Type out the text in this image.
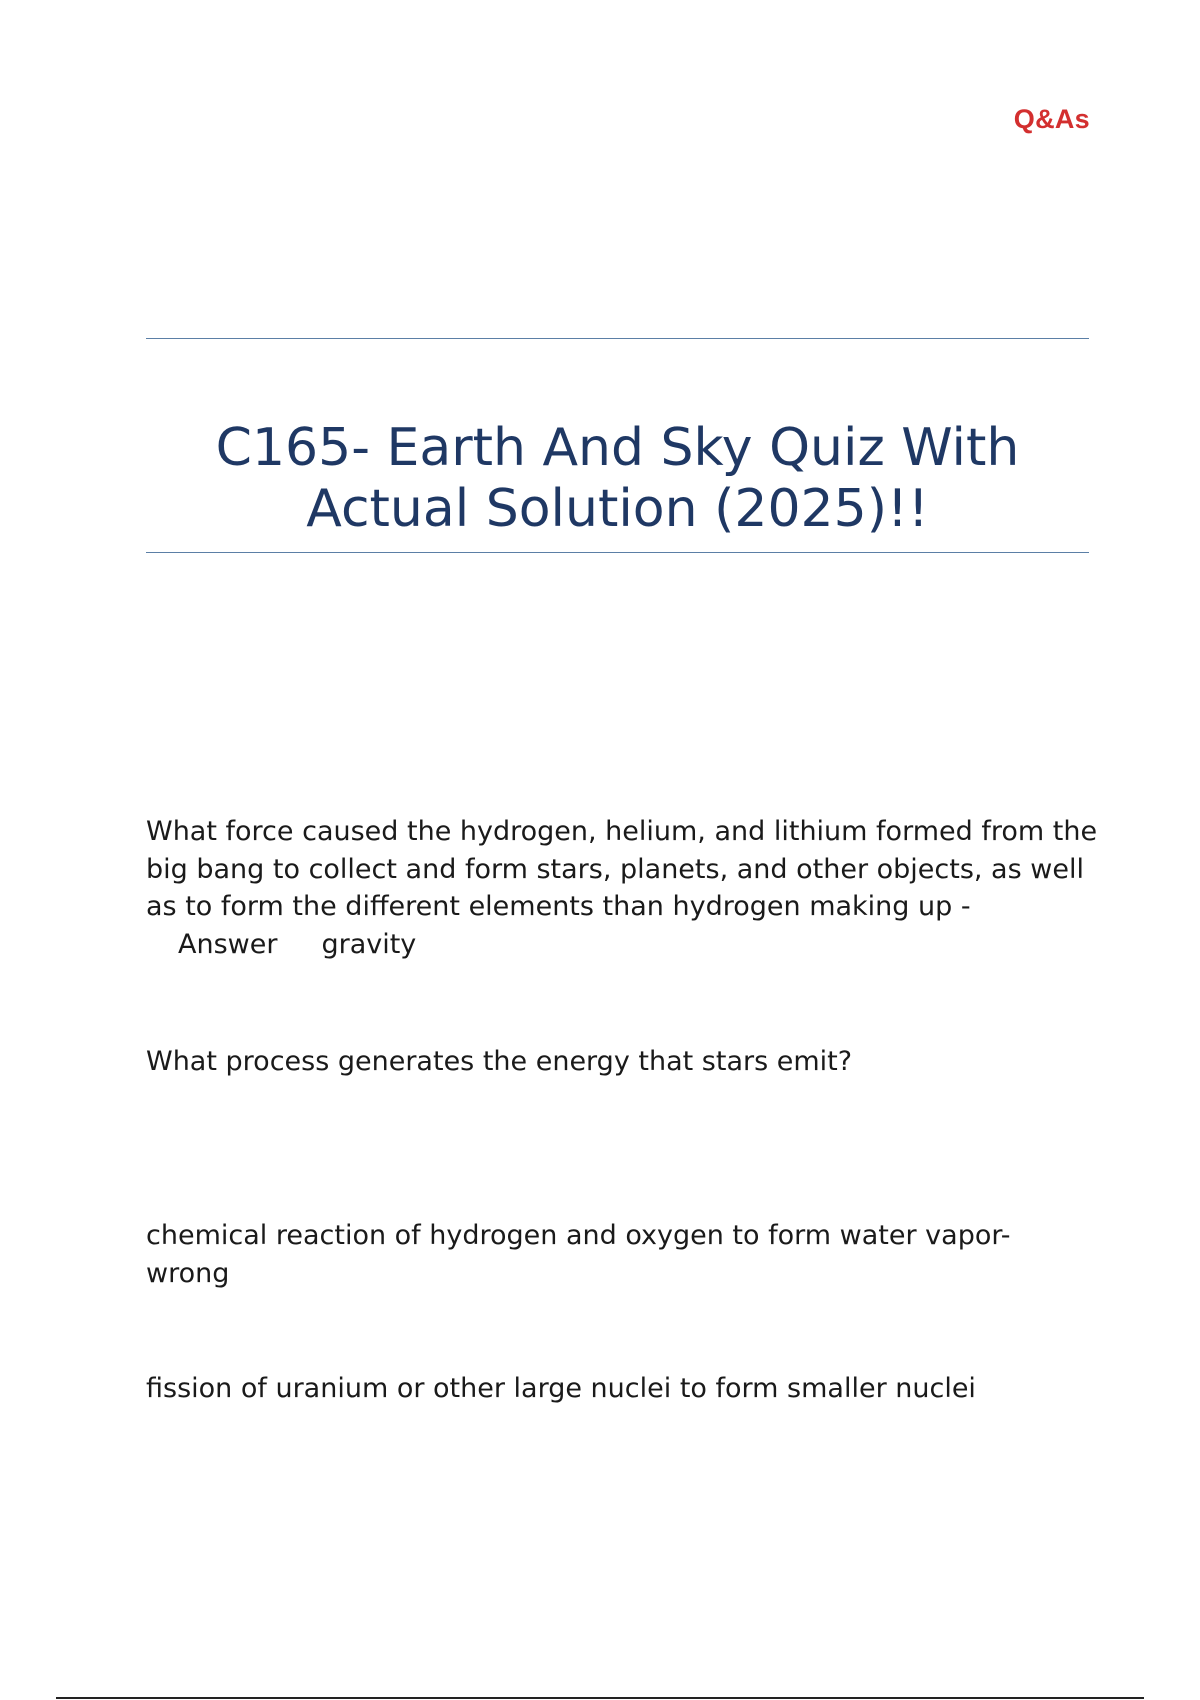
Q&As
C165- Earth And Sky Quiz With
Actual Solution (2025)!!
What force caused the hydrogen, helium, and lithium formed from the big bang to collect and form stars, planets, and other objects, as well as to form the different elements than hydrogen making up -Answer gravity
What process generates the energy that stars emit?
chemical reaction of hydrogen and oxygen to form water vapor-
wrong
fission of uranium or other large nuclei to form smaller nuclei
